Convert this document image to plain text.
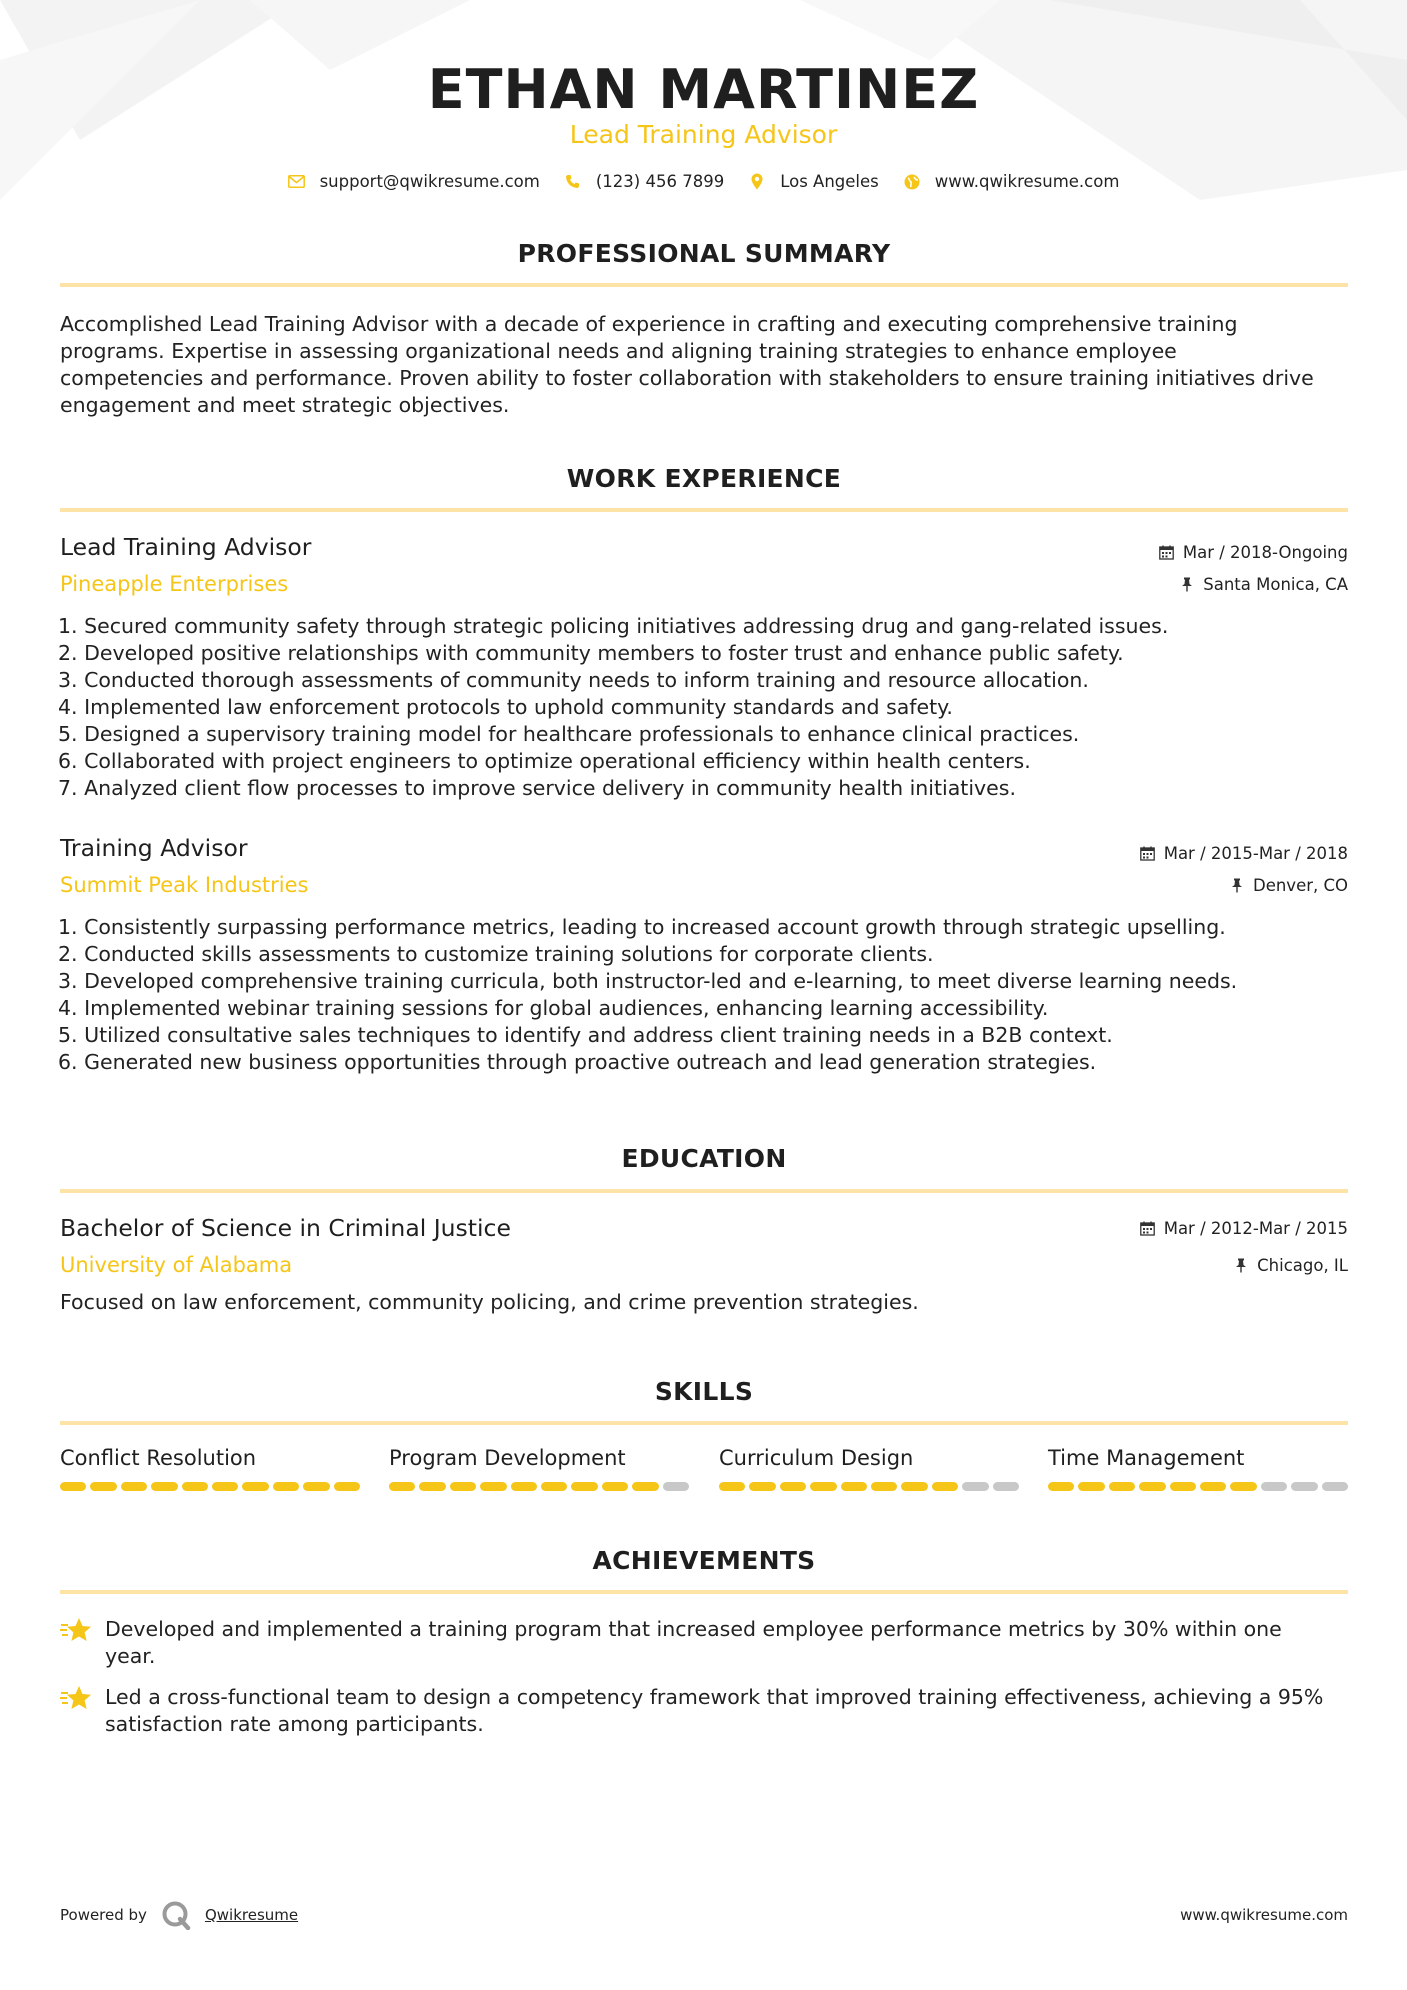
ETHAN MARTINEZ
Lead Training Advisor
support@qwikresume.com	(123) 456 7899	Los Angeles	www.qwikresume.com
PROFESSIONAL SUMMARY
Accomplished Lead Training Advisor with a decade of experience in crafting and executing comprehensive training
programs. Expertise in assessing organizational needs and aligning training strategies to enhance employee
competencies and performance. Proven ability to foster collaboration with stakeholders to ensure training initiatives drive
engagement and meet strategic objectives.
WORK EXPERIENCE
Lead Training Advisor	Mar / 2018-Ongoing
Pineapple Enterprises	Santa Monica, CA
1. Secured community safety through strategic policing initiatives addressing drug and gang-related issues.
2. Developed positive relationships with community members to foster trust and enhance public safety.
3. Conducted thorough assessments of community needs to inform training and resource allocation.
4. Implemented law enforcement protocols to uphold community standards and safety.
5. Designed a supervisory training model for healthcare professionals to enhance clinical practices.
6. Collaborated with project engineers to optimize operational efficiency within health centers.
7. Analyzed client flow processes to improve service delivery in community health initiatives.
Training Advisor	Mar / 2015-Mar / 2018
Summit Peak Industries	Denver, CO
1. Consistently surpassing performance metrics, leading to increased account growth through strategic upselling.
2. Conducted skills assessments to customize training solutions for corporate clients.
3. Developed comprehensive training curricula, both instructor-led and e-learning, to meet diverse learning needs.
4. Implemented webinar training sessions for global audiences, enhancing learning accessibility.
5. Utilized consultative sales techniques to identify and address client training needs in a B2B context.
6. Generated new business opportunities through proactive outreach and lead generation strategies.
EDUCATION
Bachelor of Science in Criminal Justice	Mar / 2012-Mar / 2015
University of Alabama	Chicago, IL
Focused on law enforcement, community policing, and crime prevention strategies.
SKILLS
Conflict Resolution	Program Development	Curriculum Design	Time Management
ACHIEVEMENTS
Developed and implemented a training program that increased employee performance metrics by 30% within one
year.
Led a cross-functional team to design a competency framework that improved training effectiveness, achieving a 95%
satisfaction rate among participants.
Powered by	Qwikresume	www.qwikresume.com
